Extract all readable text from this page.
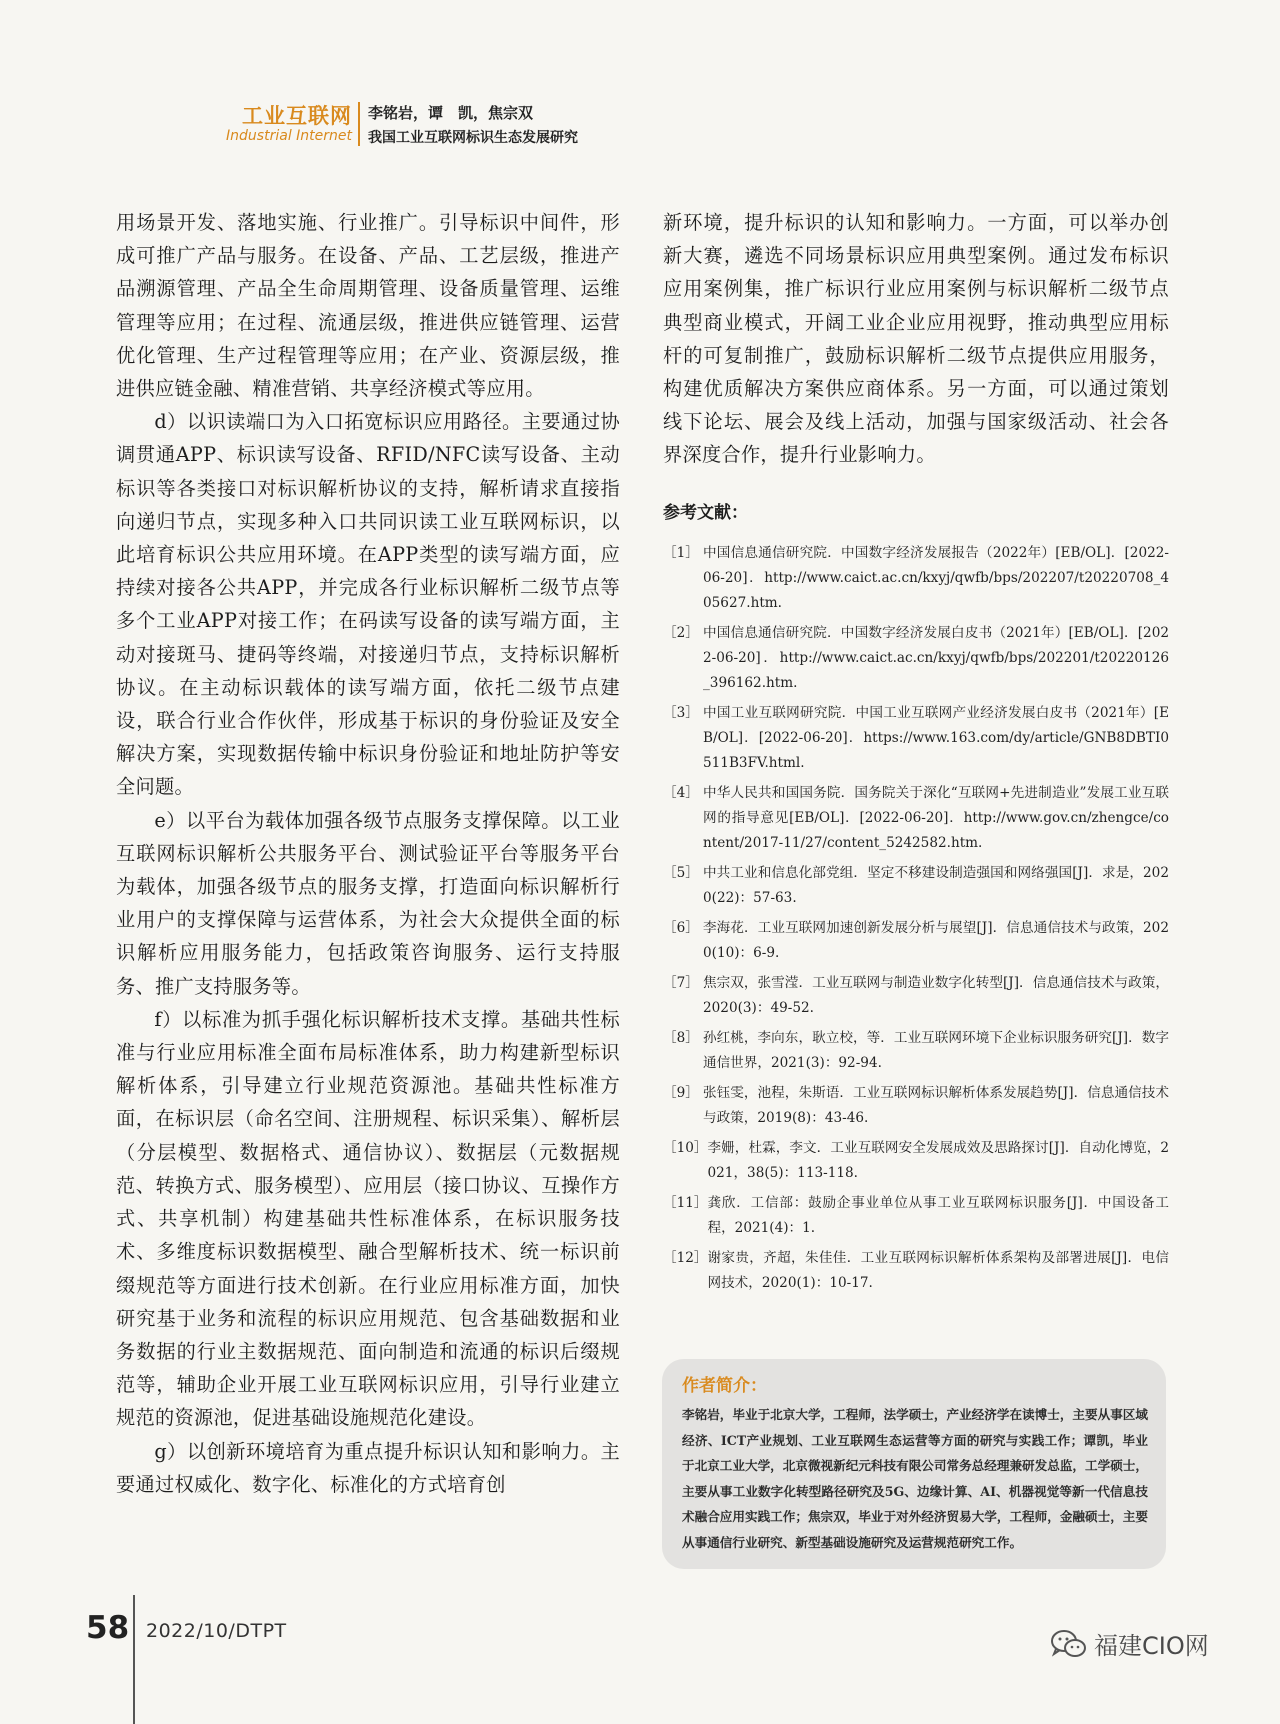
工业互联网
Industrial Internet
李铭岩，谭　凯，焦宗双
我国工业互联网标识生态发展研究

用场景开发、落地实施、行业推广。引导标识中间件，形成可推广产品与服务。在设备、产品、工艺层级，推进产品溯源管理、产品全生命周期管理、设备质量管理、运维管理等应用；在过程、流通层级，推进供应链管理、运营优化管理、生产过程管理等应用；在产业、资源层级，推进供应链金融、精准营销、共享经济模式等应用。

d）以识读端口为入口拓宽标识应用路径。主要通过协调贯通APP、标识读写设备、RFID/NFC读写设备、主动标识等各类接口对标识解析协议的支持，解析请求直接指向递归节点，实现多种入口共同识读工业互联网标识，以此培育标识公共应用环境。在APP类型的读写端方面，应持续对接各公共APP，并完成各行业标识解析二级节点等多个工业APP对接工作；在码读写设备的读写端方面，主动对接斑马、捷码等终端，对接递归节点，支持标识解析协议。在主动标识载体的读写端方面，依托二级节点建设，联合行业合作伙伴，形成基于标识的身份验证及安全解决方案，实现数据传输中标识身份验证和地址防护等安全问题。

e）以平台为载体加强各级节点服务支撑保障。以工业互联网标识解析公共服务平台、测试验证平台等服务平台为载体，加强各级节点的服务支撑，打造面向标识解析行业用户的支撑保障与运营体系，为社会大众提供全面的标识解析应用服务能力，包括政策咨询服务、运行支持服务、推广支持服务等。

f）以标准为抓手强化标识解析技术支撑。基础共性标准与行业应用标准全面布局标准体系，助力构建新型标识解析体系，引导建立行业规范资源池。基础共性标准方面，在标识层（命名空间、注册规程、标识采集）、解析层（分层模型、数据格式、通信协议）、数据层（元数据规范、转换方式、服务模型）、应用层（接口协议、互操作方式、共享机制）构建基础共性标准体系，在标识服务技术、多维度标识数据模型、融合型解析技术、统一标识前缀规范等方面进行技术创新。在行业应用标准方面，加快研究基于业务和流程的标识应用规范、包含基础数据和业务数据的行业主数据规范、面向制造和流通的标识后缀规范等，辅助企业开展工业互联网标识应用，引导行业建立规范的资源池，促进基础设施规范化建设。

g）以创新环境培育为重点提升标识认知和影响力。主要通过权威化、数字化、标准化的方式培育创

新环境，提升标识的认知和影响力。一方面，可以举办创新大赛，遴选不同场景标识应用典型案例。通过发布标识应用案例集，推广标识行业应用案例与标识解析二级节点典型商业模式，开阔工业企业应用视野，推动典型应用标杆的可复制推广，鼓励标识解析二级节点提供应用服务，构建优质解决方案供应商体系。另一方面，可以通过策划线下论坛、展会及线上活动，加强与国家级活动、社会各界深度合作，提升行业影响力。

参考文献：
［1］ 中国信息通信研究院．中国数字经济发展报告（2022年）[EB/OL]．[2022-06-20]．http://www.caict.ac.cn/kxyj/qwfb/bps/202207/t20220708_405627.htm.
［2］ 中国信息通信研究院．中国数字经济发展白皮书（2021年）[EB/OL]．[2022-06-20]．http://www.caict.ac.cn/kxyj/qwfb/bps/202201/t20220126_396162.htm.
［3］ 中国工业互联网研究院．中国工业互联网产业经济发展白皮书（2021年）[EB/OL]．[2022-06-20]．https://www.163.com/dy/article/GNB8DBTI0511B3FV.html.
［4］ 中华人民共和国国务院．国务院关于深化“互联网+先进制造业”发展工业互联网的指导意见[EB/OL]．[2022-06-20]．http://www.gov.cn/zhengce/content/2017-11/27/content_5242582.htm.
［5］ 中共工业和信息化部党组．坚定不移建设制造强国和网络强国[J]．求是，2020(22)：57-63.
［6］ 李海花．工业互联网加速创新发展分析与展望[J]．信息通信技术与政策，2020(10)：6-9.
［7］ 焦宗双，张雪滢．工业互联网与制造业数字化转型[J]．信息通信技术与政策，2020(3)：49-52.
［8］ 孙红桃，李向东，耿立校，等．工业互联网环境下企业标识服务研究[J]．数字通信世界，2021(3)：92-94.
［9］ 张钰雯，池程，朱斯语．工业互联网标识解析体系发展趋势[J]．信息通信技术与政策，2019(8)：43-46.
［10］ 李姗，杜霖，李文．工业互联网安全发展成效及思路探讨[J]．自动化博览，2021，38(5)：113-118.
［11］ 龚欣．工信部：鼓励企事业单位从事工业互联网标识服务[J]．中国设备工程，2021(4)：1.
［12］ 谢家贵，齐超，朱佳佳．工业互联网标识解析体系架构及部署进展[J]．电信网技术，2020(1)：10-17.
作者简介：
李铭岩，毕业于北京大学，工程师，法学硕士，产业经济学在读博士，主要从事区域经济、ICT产业规划、工业互联网生态运营等方面的研究与实践工作；谭凯，毕业于北京工业大学，北京微视新纪元科技有限公司常务总经理兼研发总监，工学硕士，主要从事工业数字化转型路径研究及5G、边缘计算、AI、机器视觉等新一代信息技术融合应用实践工作；焦宗双，毕业于对外经济贸易大学，工程师，金融硕士，主要从事通信行业研究、新型基础设施研究及运营规范研究工作。
58 2022/10/DTPT
福建CIO网
